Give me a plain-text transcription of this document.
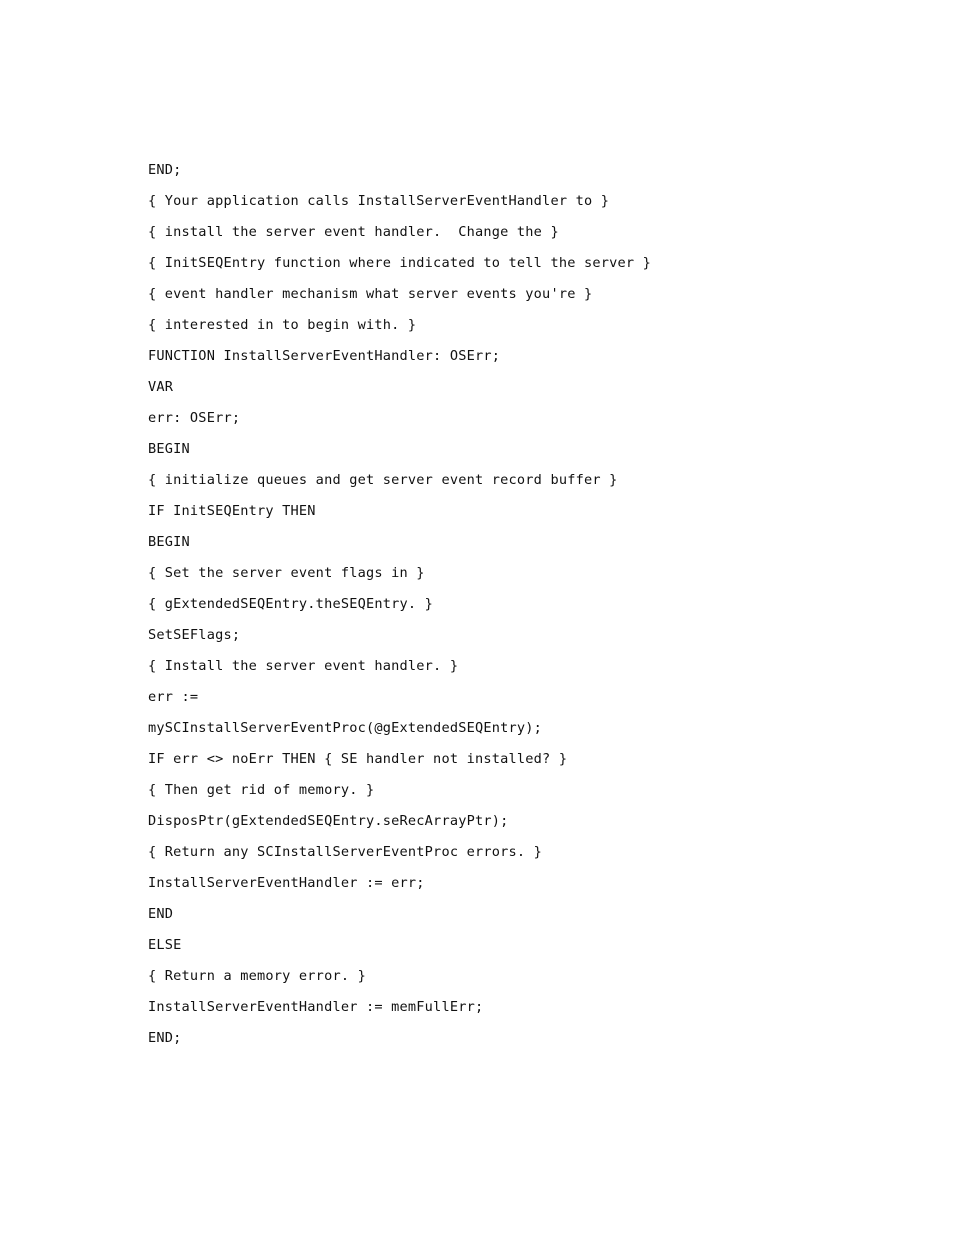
END;
{ Your application calls InstallServerEventHandler to }
{ install the server event handler.  Change the }
{ InitSEQEntry function where indicated to tell the server }
{ event handler mechanism what server events you're }
{ interested in to begin with. }
FUNCTION InstallServerEventHandler: OSErr;
VAR
err: OSErr;
BEGIN
{ initialize queues and get server event record buffer }
IF InitSEQEntry THEN
BEGIN
{ Set the server event flags in }
{ gExtendedSEQEntry.theSEQEntry. }
SetSEFlags;
{ Install the server event handler. }
err :=
mySCInstallServerEventProc(@gExtendedSEQEntry);
IF err <> noErr THEN { SE handler not installed? }
{ Then get rid of memory. }
DisposPtr(gExtendedSEQEntry.seRecArrayPtr);
{ Return any SCInstallServerEventProc errors. }
InstallServerEventHandler := err;
END
ELSE
{ Return a memory error. }
InstallServerEventHandler := memFullErr;
END;
